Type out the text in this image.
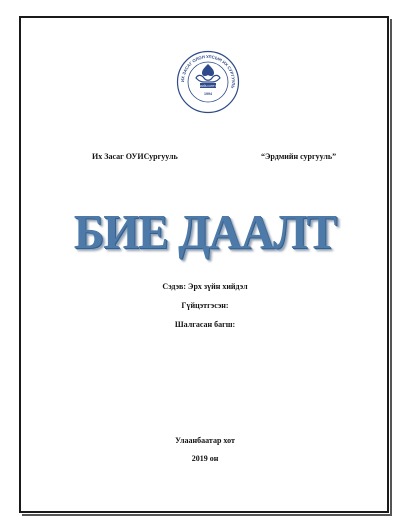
ИХ ЗАСАГ ОЛОН УЛСЫН ИХ СУРГУУЛЬ
ЭРДМИЙН СУРГУУЛЬ
1994
Их Засаг ОУИСургууль	“Эрдмийн сургууль”
БИЕ ДААЛТ
Сэдэв: Эрх зүйн хийдэл
Гүйцэтгэсэн:
Шалгасан багш:
Улаанбаатар хот
2019 он
